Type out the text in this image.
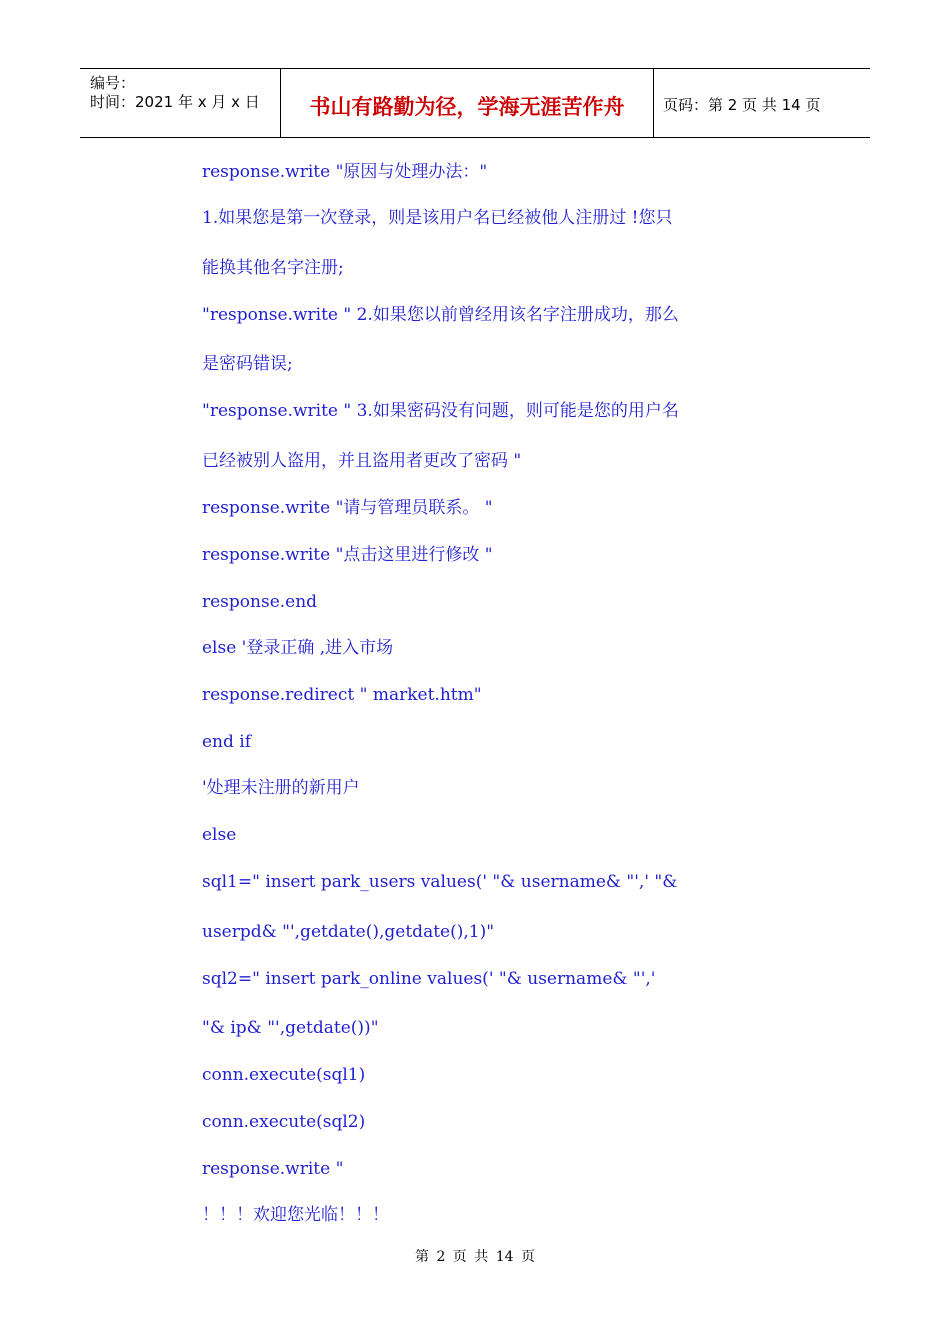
编号：
时间：2021 年 x 月 x 日	书山有路勤为径，学海无涯苦作舟	页码：第 2 页 共 14 页
response.write "原因与处理办法："
1.如果您是第一次登录，则是该用户名已经被他人注册过 !您只
能换其他名字注册;
"response.write " 2.如果您以前曾经用该名字注册成功，那么
是密码错误;
"response.write " 3.如果密码没有问题，则可能是您的用户名
已经被别人盗用，并且盗用者更改了密码 "
response.write "请与管理员联系。 "
response.write "点击这里进行修改 "
response.end
else '登录正确 ,进入市场
response.redirect " market.htm"
end if
'处理未注册的新用户
else
sql1=" insert park_users values(' "& username& "',' "&
userpd& "',getdate(),getdate(),1)"
sql2=" insert park_online values(' "& username& "','
"& ip& "',getdate())"
conn.execute(sql1)
conn.execute(sql2)
response.write "
！！！欢迎您光临！！！
第 2 页 共 14 页
